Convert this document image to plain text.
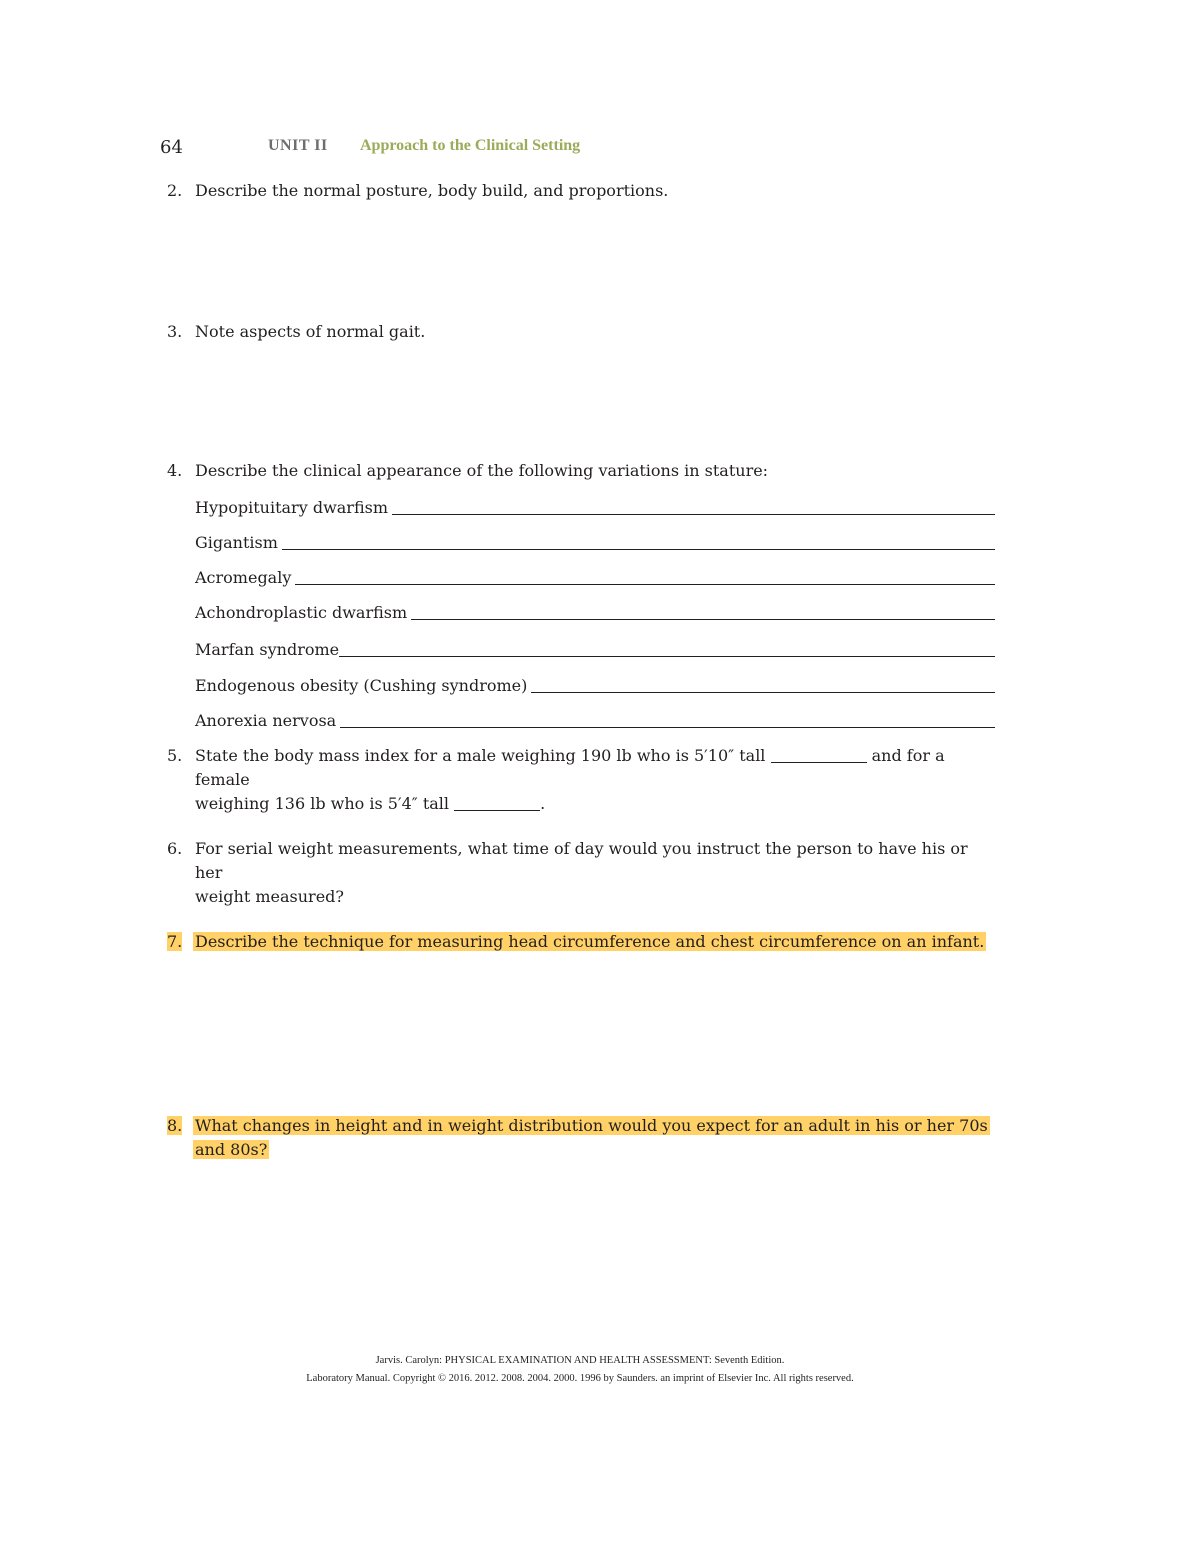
64	UNIT II	Approach to the Clinical Setting
2. Describe the normal posture, body build, and proportions.
3. Note aspects of normal gait.
4. Describe the clinical appearance of the following variations in stature:
Hypopituitary dwarfism
Gigantism
Acromegaly
Achondroplastic dwarfism
Marfan syndrome
Endogenous obesity (Cushing syndrome)
Anorexia nervosa
5. State the body mass index for a male weighing 190 lb who is 5′10″ tall	and for a female
weighing 136 lb who is 5′4″ tall	.
6. For serial weight measurements, what time of day would you instruct the person to have his or her
weight measured?
7. Describe the technique for measuring head circumference and chest circumference on an infant.
8. What changes in height and in weight distribution would you expect for an adult in his or her 70s
and 80s?
Jarvis. Carolyn: PHYSICAL EXAMINATION AND HEALTH ASSESSMENT: Seventh Edition.
Laboratory Manual. Copyright © 2016. 2012. 2008. 2004. 2000. 1996 by Saunders. an imprint of Elsevier Inc. All rights reserved.
